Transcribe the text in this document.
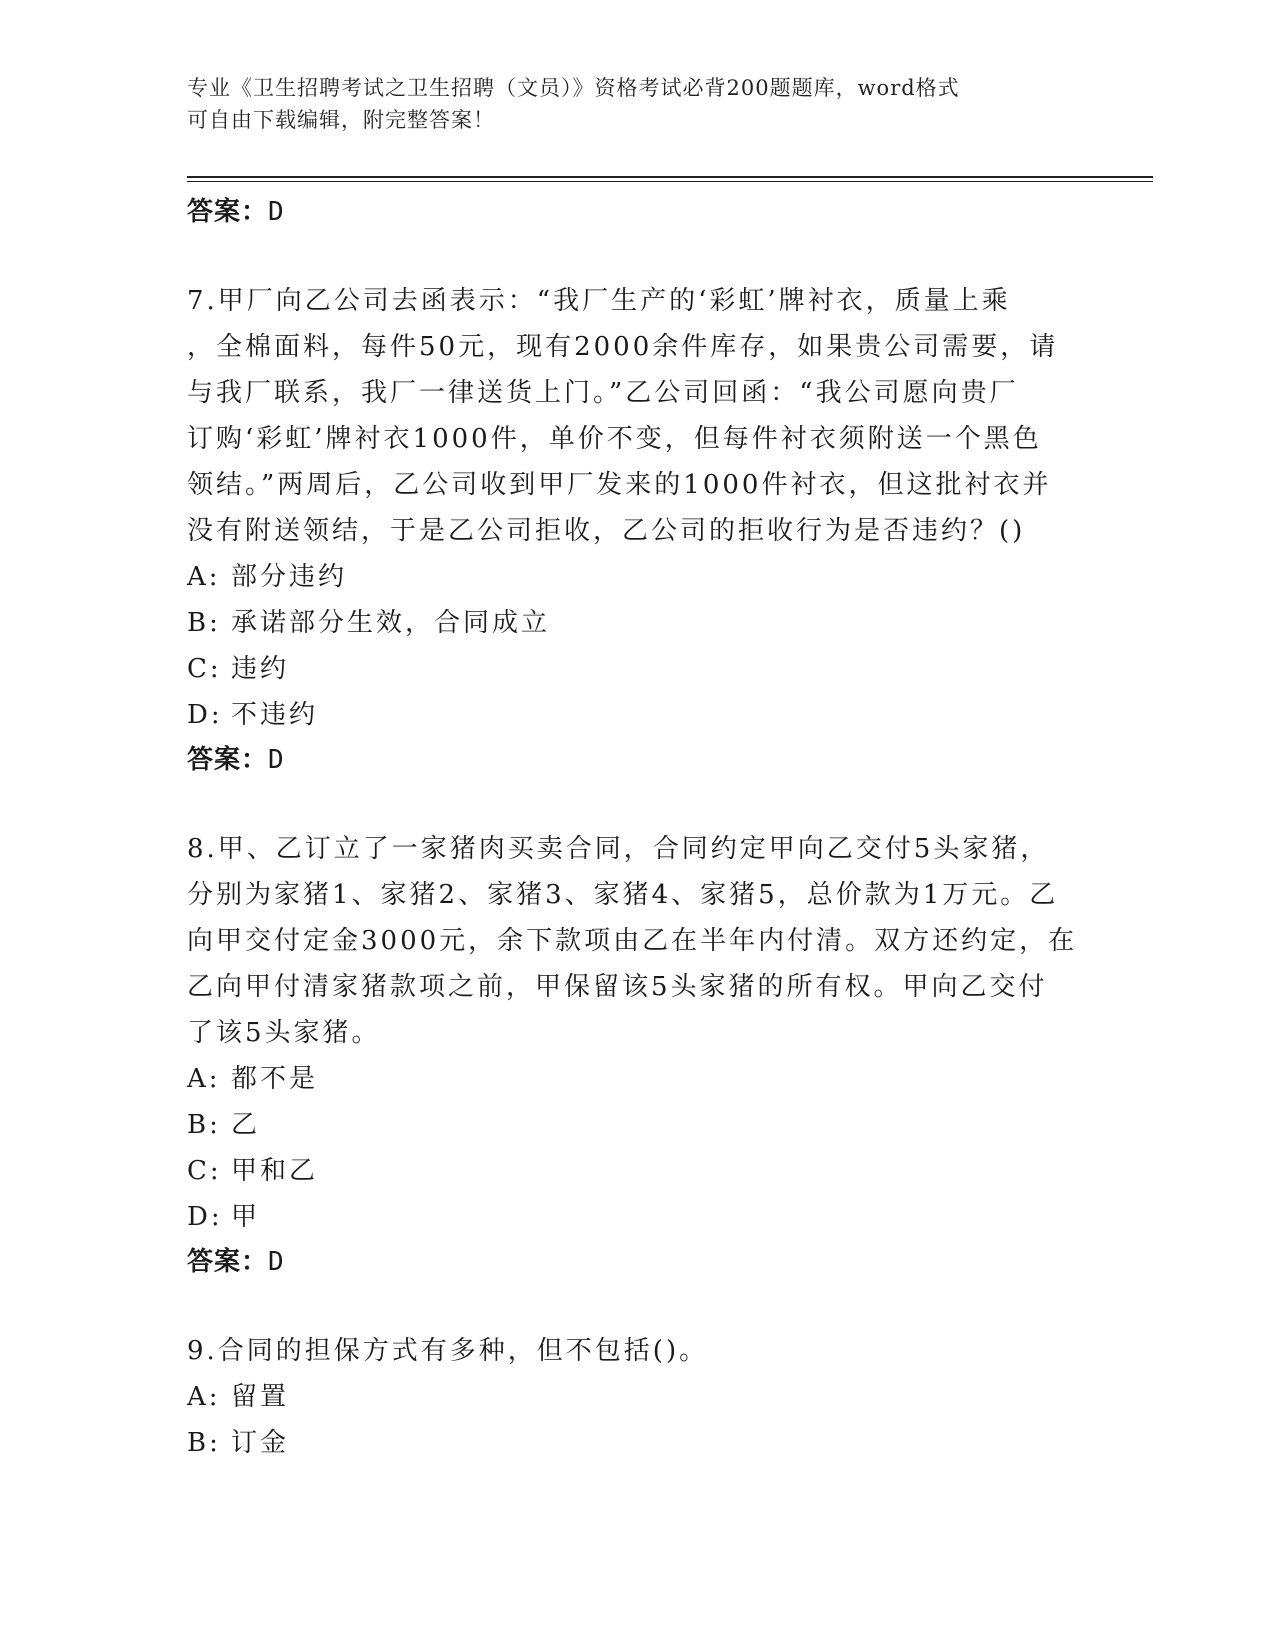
专业《卫生招聘考试之卫生招聘（文员）》资格考试必背200题题库，word格式
可自由下载编辑，附完整答案！
答案：D
7.甲厂向乙公司去函表示：“我厂生产的‘彩虹’牌衬衣，质量上乘
，全棉面料，每件50元，现有2000余件库存，如果贵公司需要，请
与我厂联系，我厂一律送货上门。”乙公司回函：“我公司愿向贵厂
订购‘彩虹’牌衬衣1000件，单价不变，但每件衬衣须附送一个黑色
领结。”两周后，乙公司收到甲厂发来的1000件衬衣，但这批衬衣并
没有附送领结，于是乙公司拒收，乙公司的拒收行为是否违约？()
A: 部分违约
B: 承诺部分生效，合同成立
C: 违约
D: 不违约
答案：D
8.甲、乙订立了一家猪肉买卖合同，合同约定甲向乙交付5头家猪，
分别为家猪1、家猪2、家猪3、家猪4、家猪5，总价款为1万元。乙
向甲交付定金3000元，余下款项由乙在半年内付清。双方还约定，在
乙向甲付清家猪款项之前，甲保留该5头家猪的所有权。甲向乙交付
了该5头家猪。
A: 都不是
B: 乙
C: 甲和乙
D: 甲
答案：D
9.合同的担保方式有多种，但不包括()。
A: 留置
B: 订金
